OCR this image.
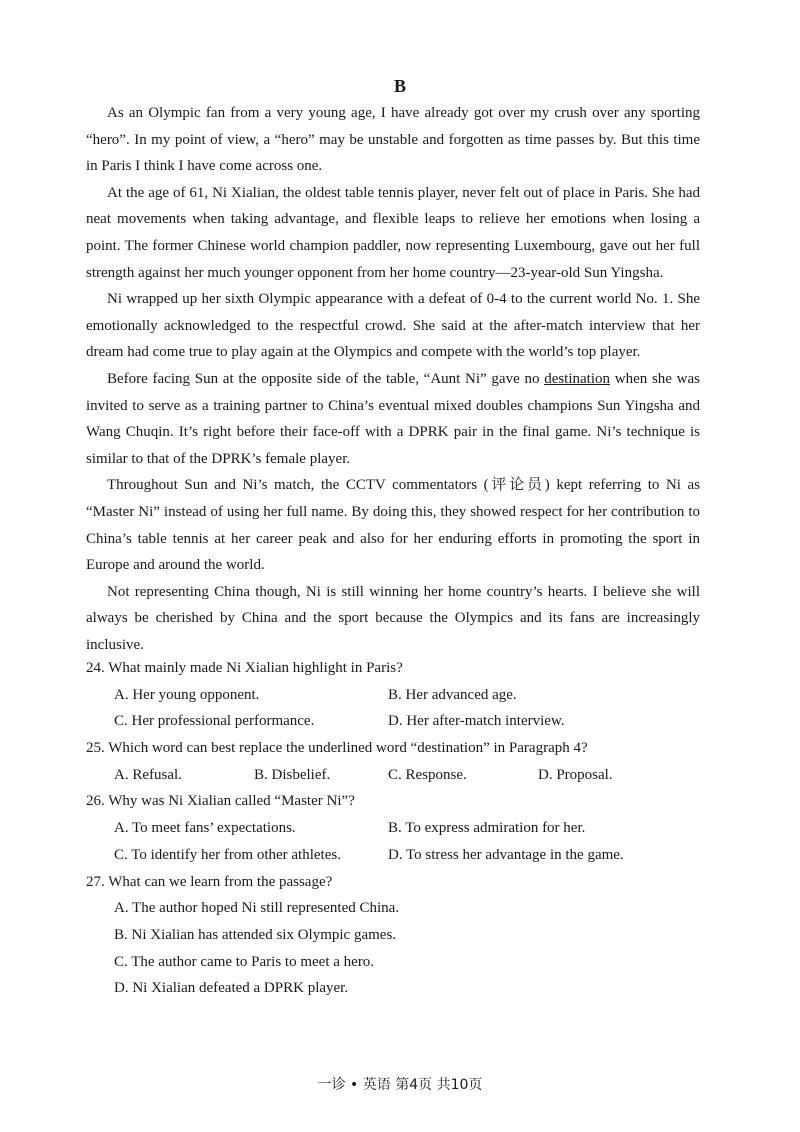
B

As an Olympic fan from a very young age, I have already got over my crush over any sporting “hero”. In my point of view, a “hero” may be unstable and forgotten as time passes by. But this time in Paris I think I have come across one.

At the age of 61, Ni Xialian, the oldest table tennis player, never felt out of place in Paris. She had neat movements when taking advantage, and flexible leaps to relieve her emotions when losing a point. The former Chinese world champion paddler, now representing Luxembourg, gave out her full strength against her much younger opponent from her home country—23-year-old Sun Yingsha.

Ni wrapped up her sixth Olympic appearance with a defeat of 0-4 to the current world No. 1. She emotionally acknowledged to the respectful crowd. She said at the after-match interview that her dream had come true to play again at the Olympics and compete with the world’s top player.

Before facing Sun at the opposite side of the table, “Aunt Ni” gave no destination when she was invited to serve as a training partner to China’s eventual mixed doubles champions Sun Yingsha and Wang Chuqin. It’s right before their face-off with a DPRK pair in the final game. Ni’s technique is similar to that of the DPRK’s female player.

Throughout Sun and Ni’s match, the CCTV commentators (评论员) kept referring to Ni as “Master Ni” instead of using her full name. By doing this, they showed respect for her contribution to China’s table tennis at her career peak and also for her enduring efforts in promoting the sport in Europe and around the world.

Not representing China though, Ni is still winning her home country’s hearts. I believe she will always be cherished by China and the sport because the Olympics and its fans are increasingly inclusive.

24. What mainly made Ni Xialian highlight in Paris?
A. Her young opponent.	B. Her advanced age.
C. Her professional performance.	D. Her after-match interview.
25. Which word can best replace the underlined word “destination” in Paragraph 4?
A. Refusal.	B. Disbelief.	C. Response.	D. Proposal.
26. Why was Ni Xialian called “Master Ni”?
A. To meet fans’ expectations.	B. To express admiration for her.
C. To identify her from other athletes.	D. To stress her advantage in the game.
27. What can we learn from the passage?
A. The author hoped Ni still represented China.
B. Ni Xialian has attended six Olympic games.
C. The author came to Paris to meet a hero.
D. Ni Xialian defeated a DPRK player.
一诊 • 英语 第4页 共10页
